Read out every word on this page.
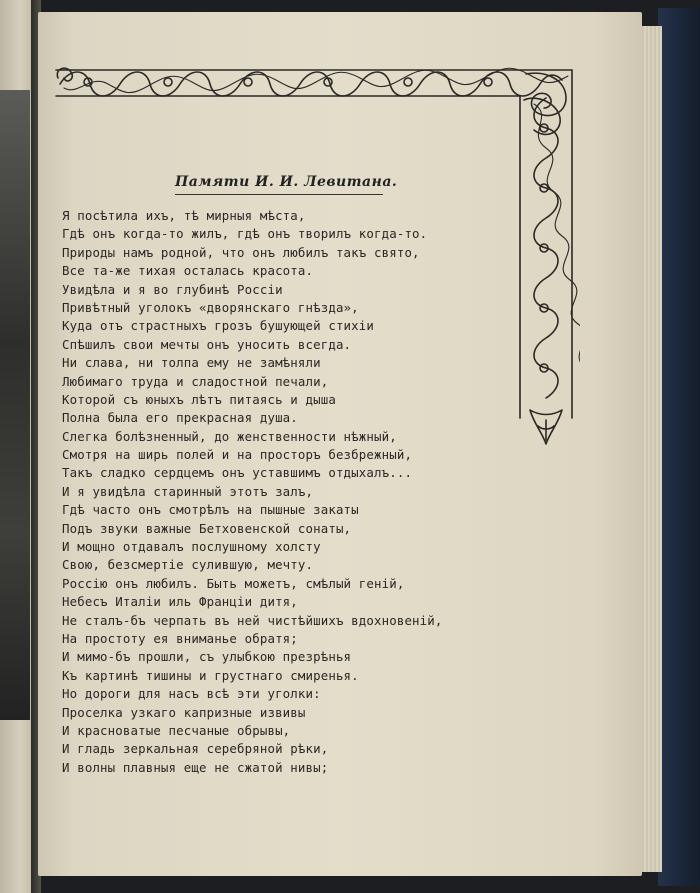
Памяти И. И. Левитана.
Я посѣтила ихъ, тѣ мирныя мѣста,
Гдѣ онъ когда-то жилъ, гдѣ онъ творилъ когда-то.
Природы намъ родной, что онъ любилъ такъ свято,
Все та-же тихая осталась красота.
Увидѣла и я во глубинѣ Россіи
Привѣтный уголокъ «дворянскаго гнѣзда»,
Куда отъ страстныхъ грозъ бушующей стихіи
Спѣшилъ свои мечты онъ уносить всегда.
Ни слава, ни толпа ему не замѣняли
Любимаго труда и сладостной печали,
Которой съ юныхъ лѣтъ питаясь и дыша
Полна была его прекрасная душа.
Слегка болѣзненный, до женственности нѣжный,
Смотря на ширь полей и на просторъ безбрежный,
Такъ сладко сердцемъ онъ уставшимъ отдыхалъ...
И я увидѣла старинный этотъ залъ,
Гдѣ часто онъ смотрѣлъ на пышные закаты
Подъ звуки важные Бетховенской сонаты,
И мощно отдавалъ послушному холсту
Свою, безсмертіе сулившую, мечту.
Россію онъ любилъ. Быть можетъ, смѣлый геній,
Небесъ Италіи иль Франціи дитя,
Не сталъ-бъ черпать въ ней чистѣйшихъ вдохновеній,
На простоту ея вниманье обратя;
И мимо-бъ прошли, съ улыбкою презрѣнья
Къ картинѣ тишины и грустнаго смиренья.
Но дороги для насъ всѣ эти уголки:
Проселка узкаго капризные извивы
И красноватые песчаные обрывы,
И гладь зеркальная серебряной рѣки,
И волны плавныя еще не сжатой нивы;
